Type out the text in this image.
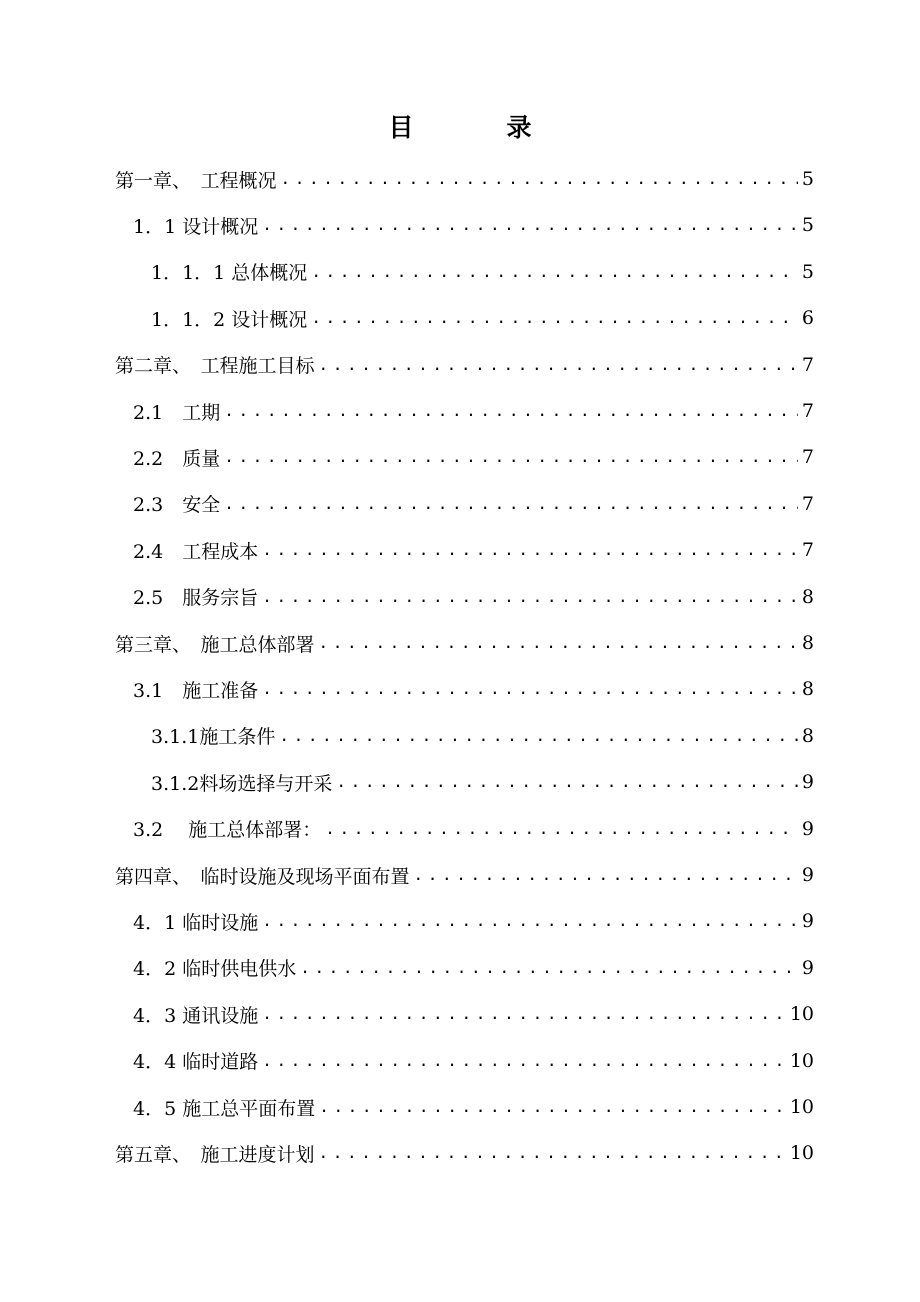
目　录
第一章、　工程概况 .....	5
1．1 设计概况 .....	5
1．1．1 总体概况 .....	5
1．1．2 设计概况 .....	6
第二章、　工程施工目标 .....	7
2.1　工期 .....	7
2.2　质量 .....	7
2.3　安全 .....	7
2.4　工程成本 .....	7
2.5　服务宗旨 .....	8
第三章、　施工总体部署 .....	8
3.1　施工准备 .....	8
3.1.1施工条件 .....	8
3.1.2料场选择与开采 .....	9
3.2　 施工总体部署： .....	9
第四章、　临时设施及现场平面布置 .....	9
4．1 临时设施 .....	9
4．2 临时供电供水 .....	9
4．3 通讯设施 .....	10
4．4 临时道路 .....	10
4．5 施工总平面布置 .....	10
第五章、　施工进度计划 .....	10
